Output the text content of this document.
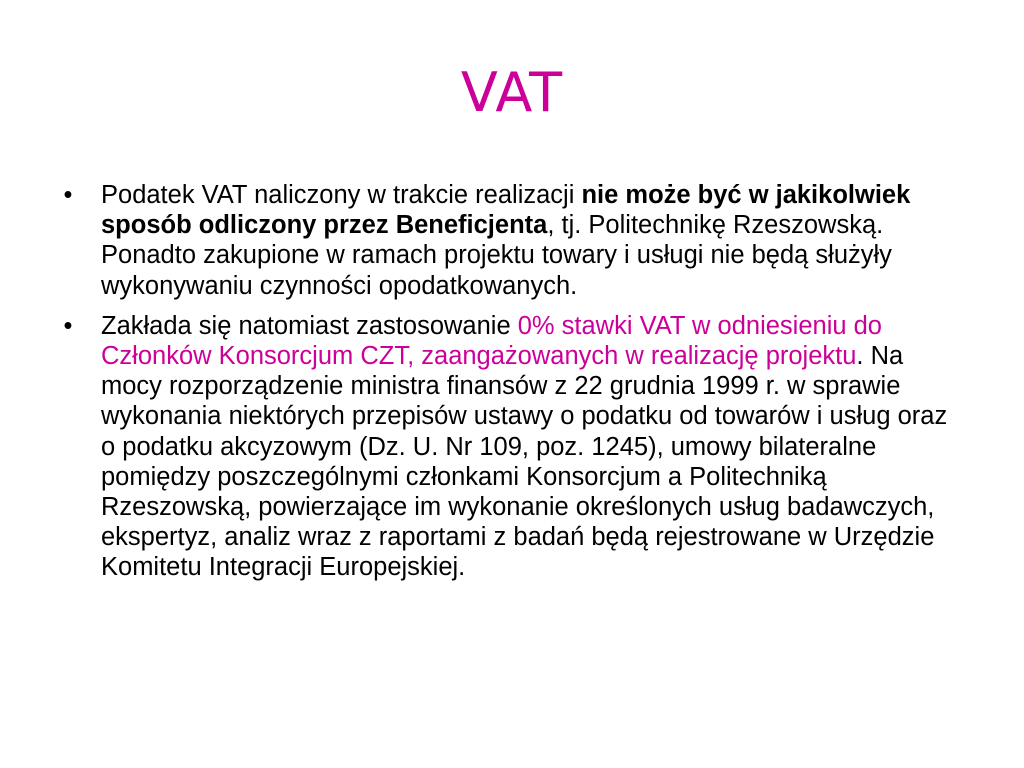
VAT
• Podatek VAT naliczony w trakcie realizacji nie może być w jakikolwiek sposób odliczony przez Beneficjenta, tj. Politechnikę Rzeszowską. Ponadto zakupione w ramach projektu towary i usługi nie będą służyły wykonywaniu czynności opodatkowanych.
• Zakłada się natomiast zastosowanie 0% stawki VAT w odniesieniu do Członków Konsorcjum CZT, zaangażowanych w realizację projektu. Na mocy rozporządzenie ministra finansów z 22 grudnia 1999 r. w sprawie wykonania niektórych przepisów ustawy o podatku od towarów i usług oraz o podatku akcyzowym (Dz. U. Nr 109, poz. 1245), umowy bilateralne pomiędzy poszczególnymi członkami Konsorcjum a Politechniką Rzeszowską, powierzające im wykonanie określonych usług badawczych, ekspertyz, analiz wraz z raportami z badań będą rejestrowane w Urzędzie Komitetu Integracji Europejskiej.
